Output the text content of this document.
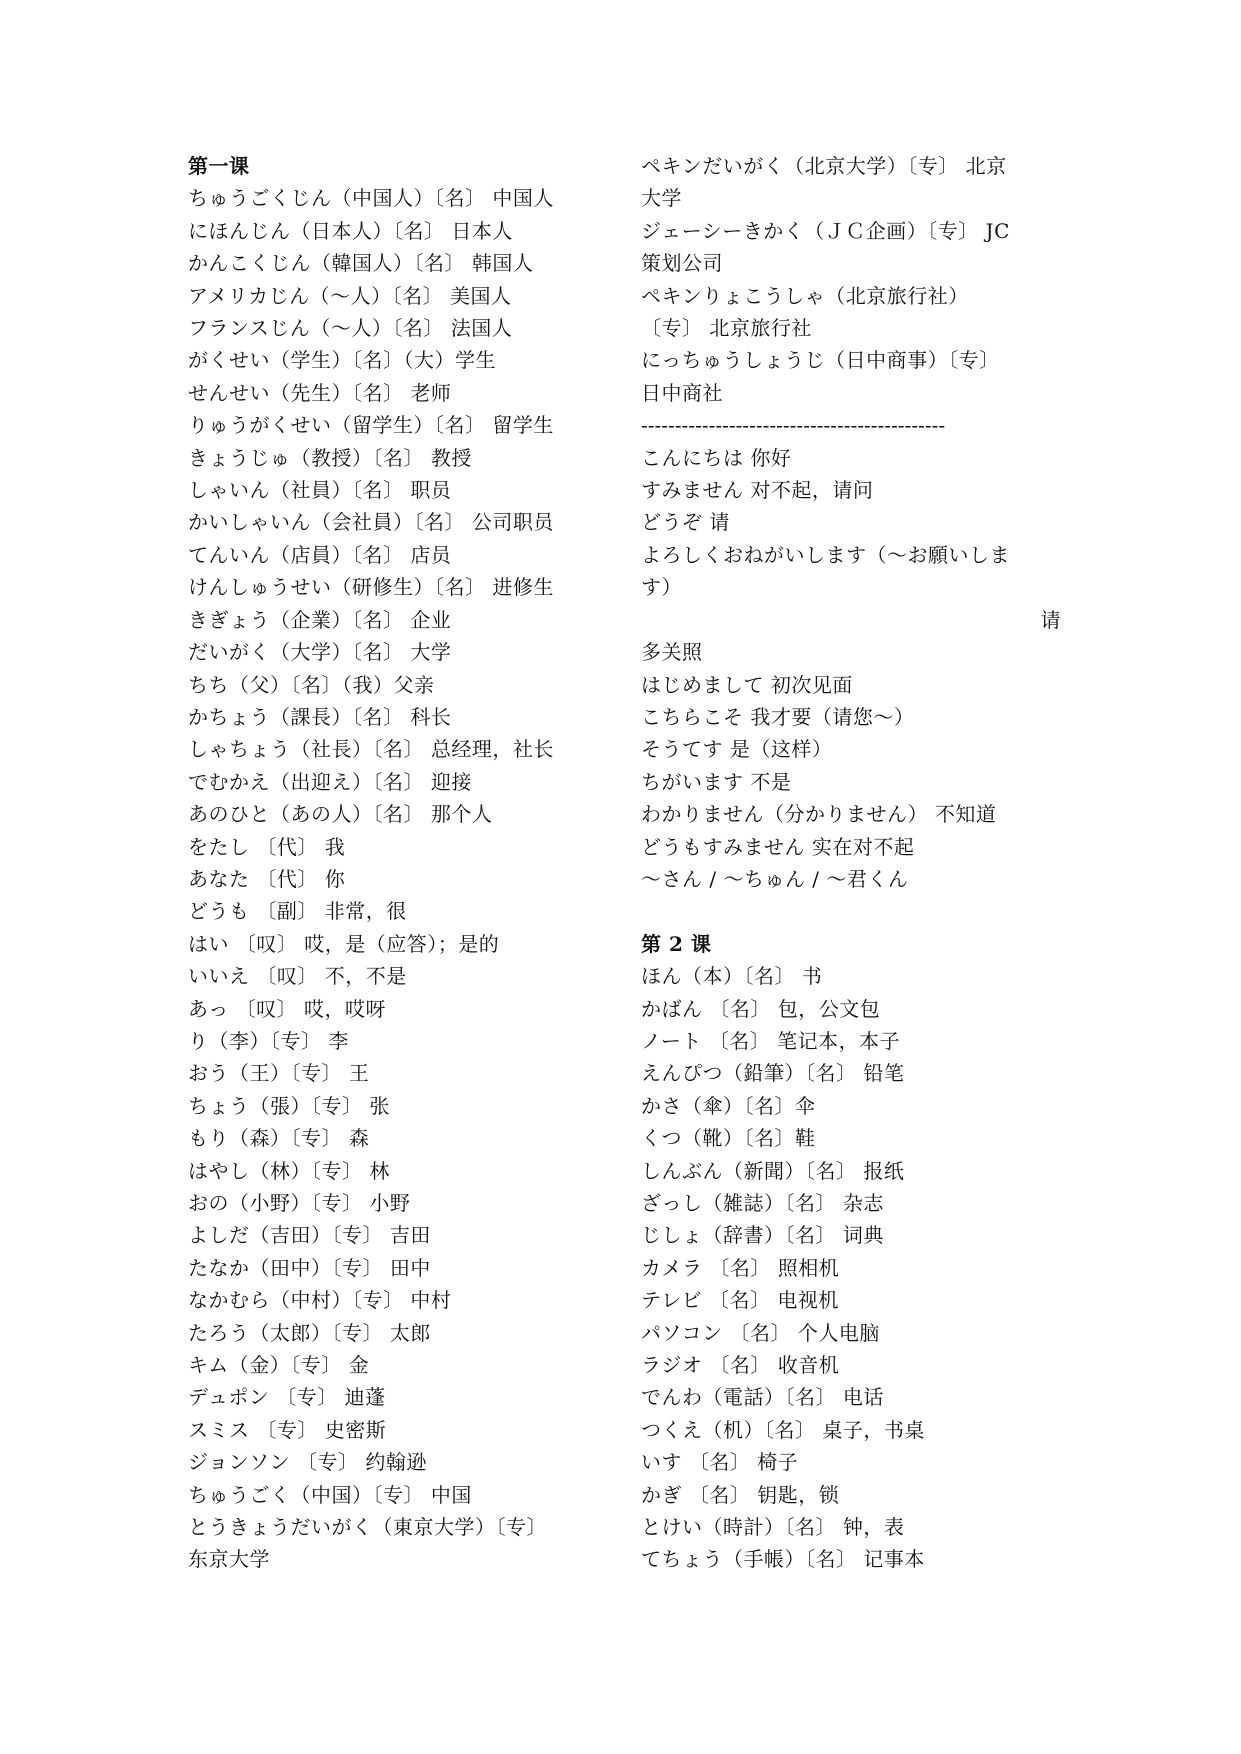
第一课
ちゅうごくじん（中国人）〔名〕 中国人
にほんじん（日本人）〔名〕 日本人
かんこくじん（韓国人）〔名〕 韩国人
アメリカじん（～人）〔名〕 美国人
フランスじん（～人）〔名〕 法国人
がくせい（学生）〔名〕（大）学生
せんせい（先生）〔名〕 老师
りゅうがくせい（留学生）〔名〕 留学生
きょうじゅ（教授）〔名〕 教授
しゃいん（社員）〔名〕 职员
かいしゃいん（会社員）〔名〕 公司职员
てんいん（店員）〔名〕 店员
けんしゅうせい（研修生）〔名〕 进修生
きぎょう（企業）〔名〕 企业
だいがく（大学）〔名〕 大学
ちち（父）〔名〕（我）父亲
かちょう（課長）〔名〕 科长
しゃちょう（社長）〔名〕 总经理，社长
でむかえ（出迎え）〔名〕 迎接
あのひと（あの人）〔名〕 那个人
をたし 〔代〕 我
あなた 〔代〕 你
どうも 〔副〕 非常，很
はい 〔叹〕 哎，是（应答）；是的
いいえ 〔叹〕 不，不是
あっ 〔叹〕 哎，哎呀
り（李）〔专〕 李
おう（王）〔专〕 王
ちょう（張）〔专〕 张
もり（森）〔专〕 森
はやし（林）〔专〕 林
おの（小野）〔专〕 小野
よしだ（吉田）〔专〕 吉田
たなか（田中）〔专〕 田中
なかむら（中村）〔专〕 中村
たろう（太郎）〔专〕 太郎
キム（金）〔专〕 金
デュポン 〔专〕 迪蓬
スミス 〔专〕 史密斯
ジョンソン 〔专〕 约翰逊
ちゅうごく（中国）〔专〕 中国
とうきょうだいがく（東京大学）〔专〕
东京大学
ペキンだいがく（北京大学）〔专〕 北京
大学
ジェーシーきかく（ＪＣ企画）〔专〕 JC
策划公司
ペキンりょこうしゃ（北京旅行社）
〔专〕 北京旅行社
にっちゅうしょうじ（日中商事）〔专〕
日中商社
---------------------------------------------
こんにちは 你好
すみません 对不起，请问
どうぞ 请
よろしくおねがいします（～お願いしま
す）
请
多关照
はじめまして 初次见面
こちらこそ 我才要（请您～）
そうてす 是（这样）
ちがいます 不是
わかりません（分かりません） 不知道
どうもすみません 实在对不起
～さん / ～ちゅん / ～君くん
第 2 课
ほん（本）〔名〕 书
かばん 〔名〕 包，公文包
ノート 〔名〕 笔记本，本子
えんぴつ（鉛筆）〔名〕 铅笔
かさ（傘）〔名〕伞
くつ（靴）〔名〕鞋
しんぶん（新聞）〔名〕 报纸
ざっし（雑誌）〔名〕 杂志
じしょ（辞書）〔名〕 词典
カメラ 〔名〕 照相机
テレビ 〔名〕 电视机
パソコン 〔名〕 个人电脑
ラジオ 〔名〕 收音机
でんわ（電話）〔名〕 电话
つくえ（机）〔名〕 桌子，书桌
いす 〔名〕 椅子
かぎ 〔名〕 钥匙，锁
とけい（時計）〔名〕 钟，表
てちょう（手帳）〔名〕 记事本
